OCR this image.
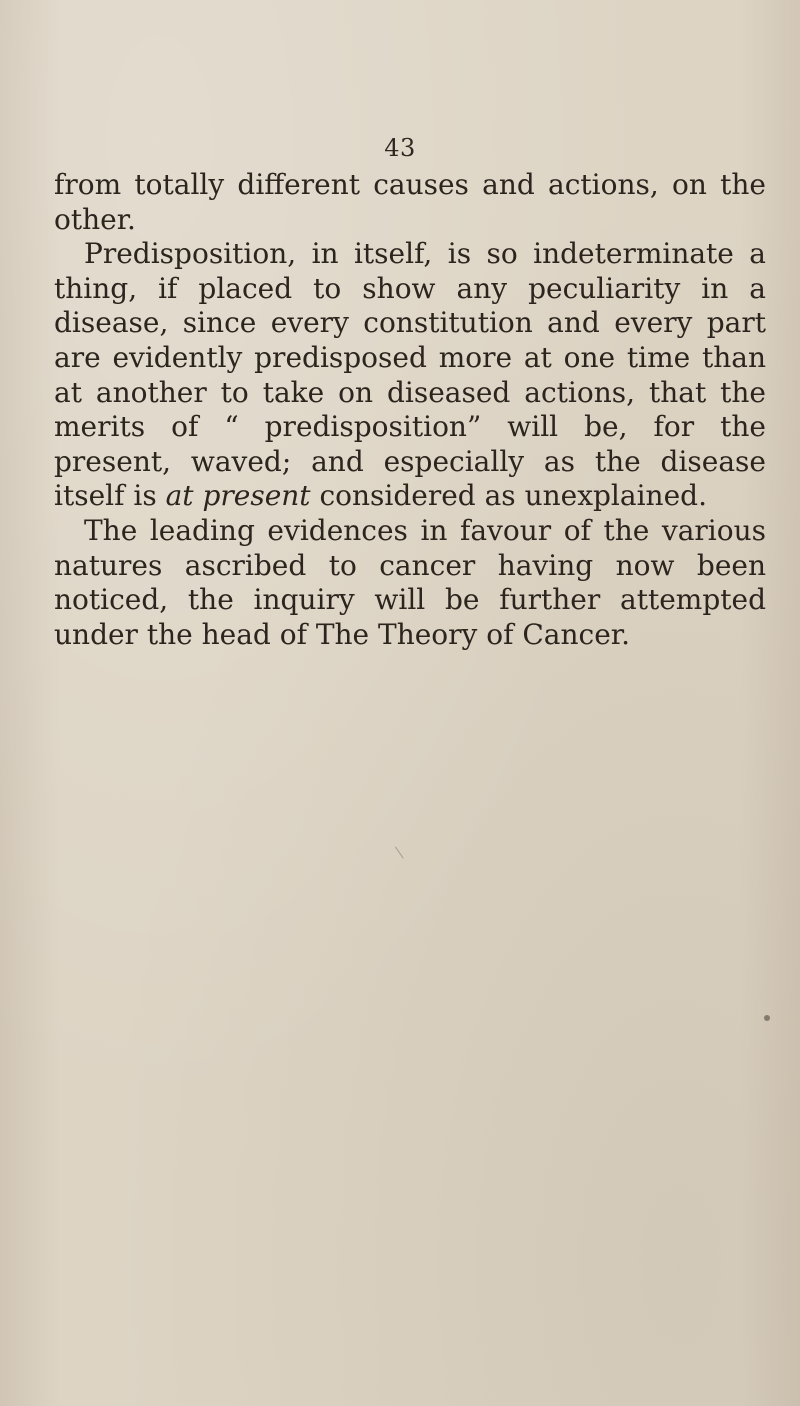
43

from totally different causes and actions, on the other.

Predisposition, in itself, is so indeterminate a thing, if placed to show any peculiarity in a disease, since every constitution and every part are evidently predisposed more at one time than at another to take on diseased actions, that the merits of “ predisposition” will be, for the present, waved; and especially as the disease itself is at present considered as unexplained.

The leading evidences in favour of the various natures ascribed to cancer having now been noticed, the inquiry will be further attempted under the head of The Theory of Cancer.
